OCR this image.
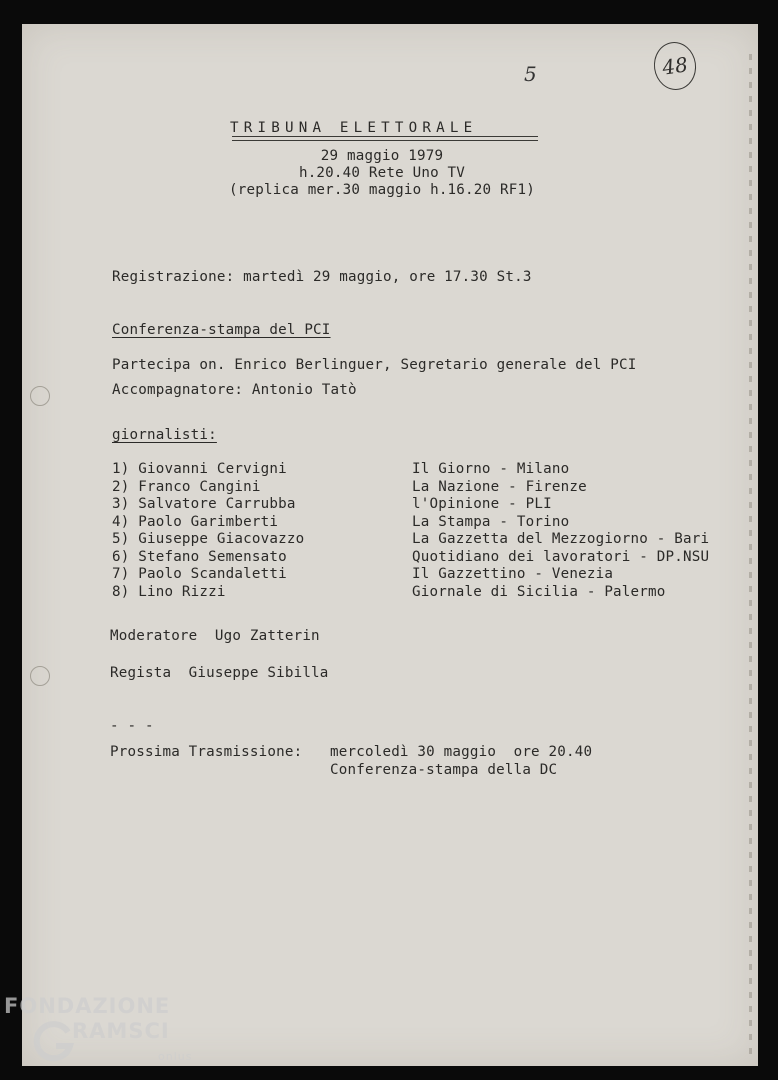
5	48
TRIBUNA ELETTORALE
29 maggio 1979
h.20.40 Rete Uno TV
(replica mer.30 maggio h.16.20 RF1)
Registrazione: martedì 29 maggio, ore 17.30 St.3
Conferenza-stampa del PCI
Partecipa on. Enrico Berlinguer, Segretario generale del PCI
Accompagnatore: Antonio Tatò
giornalisti:
1) Giovanni Cervigni	Il Giorno - Milano
2) Franco Cangini	La Nazione - Firenze
3) Salvatore Carrubba	l'Opinione - PLI
4) Paolo Garimberti	La Stampa - Torino
5) Giuseppe Giacovazzo	La Gazzetta del Mezzogiorno - Bari
6) Stefano Semensato	Quotidiano dei lavoratori - DP.NSU
7) Paolo Scandaletti	Il Gazzettino - Venezia
8) Lino Rizzi	Giornale di Sicilia - Palermo
Moderatore  Ugo Zatterin
Regista  Giuseppe Sibilla
- - -
Prossima Trasmissione: mercoledì 30 maggio  ore 20.40
Conferenza-stampa della DC
FONDAZIONE
RAMSCI
onlus
